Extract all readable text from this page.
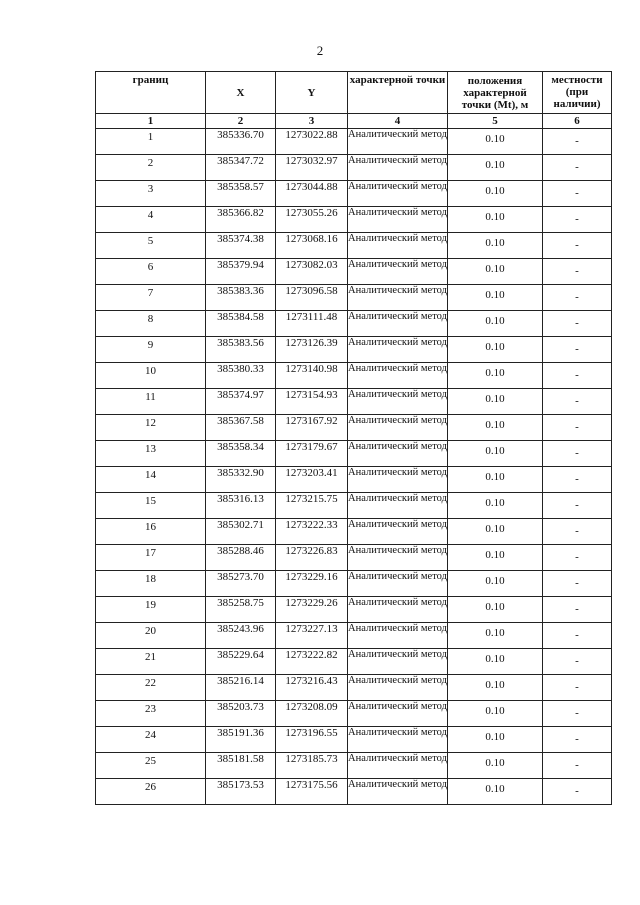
2
границ	X	Y	характерной точки	положения характерной точки (Mt), м	местности (при наличии)
1	2	3	4	5	6
1	385336.70	1273022.88	Аналитический метод	0.10	-
2	385347.72	1273032.97	Аналитический метод	0.10	-
3	385358.57	1273044.88	Аналитический метод	0.10	-
4	385366.82	1273055.26	Аналитический метод	0.10	-
5	385374.38	1273068.16	Аналитический метод	0.10	-
6	385379.94	1273082.03	Аналитический метод	0.10	-
7	385383.36	1273096.58	Аналитический метод	0.10	-
8	385384.58	1273111.48	Аналитический метод	0.10	-
9	385383.56	1273126.39	Аналитический метод	0.10	-
10	385380.33	1273140.98	Аналитический метод	0.10	-
11	385374.97	1273154.93	Аналитический метод	0.10	-
12	385367.58	1273167.92	Аналитический метод	0.10	-
13	385358.34	1273179.67	Аналитический метод	0.10	-
14	385332.90	1273203.41	Аналитический метод	0.10	-
15	385316.13	1273215.75	Аналитический метод	0.10	-
16	385302.71	1273222.33	Аналитический метод	0.10	-
17	385288.46	1273226.83	Аналитический метод	0.10	-
18	385273.70	1273229.16	Аналитический метод	0.10	-
19	385258.75	1273229.26	Аналитический метод	0.10	-
20	385243.96	1273227.13	Аналитический метод	0.10	-
21	385229.64	1273222.82	Аналитический метод	0.10	-
22	385216.14	1273216.43	Аналитический метод	0.10	-
23	385203.73	1273208.09	Аналитический метод	0.10	-
24	385191.36	1273196.55	Аналитический метод	0.10	-
25	385181.58	1273185.73	Аналитический метод	0.10	-
26	385173.53	1273175.56	Аналитический метод	0.10	-
